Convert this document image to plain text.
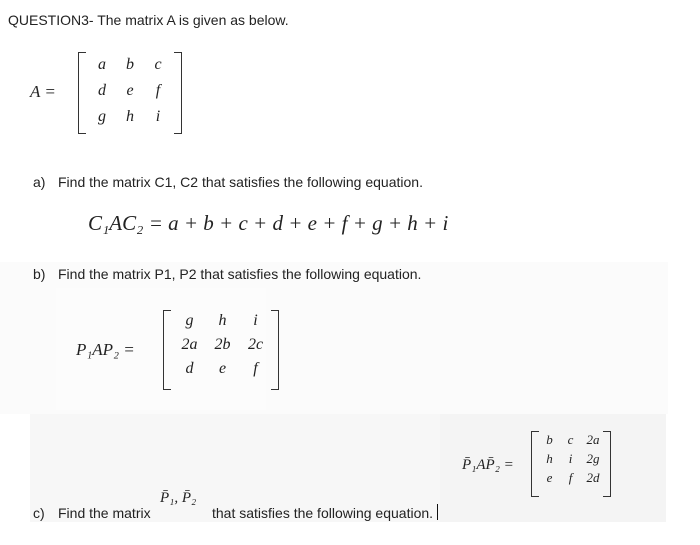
QUESTION3- The matrix A is given as below.
A =
a	b	c
d	e	f
g	h	i
a) Find the matrix C1, C2 that satisfies the following equation.
C₁AC₂ = a + b + c + d + e + f + g + h + i
b) Find the matrix P1, P2 that satisfies the following equation.
P₁AP₂ =
g	h	i
2a	2b	2c
d	e	f
c) Find the matrix
P̄₁, P̄₂
that satisfies the following equation.
P̄₁AP̄₂ =
b	c	2a
h	i	2g
e	f	2d
